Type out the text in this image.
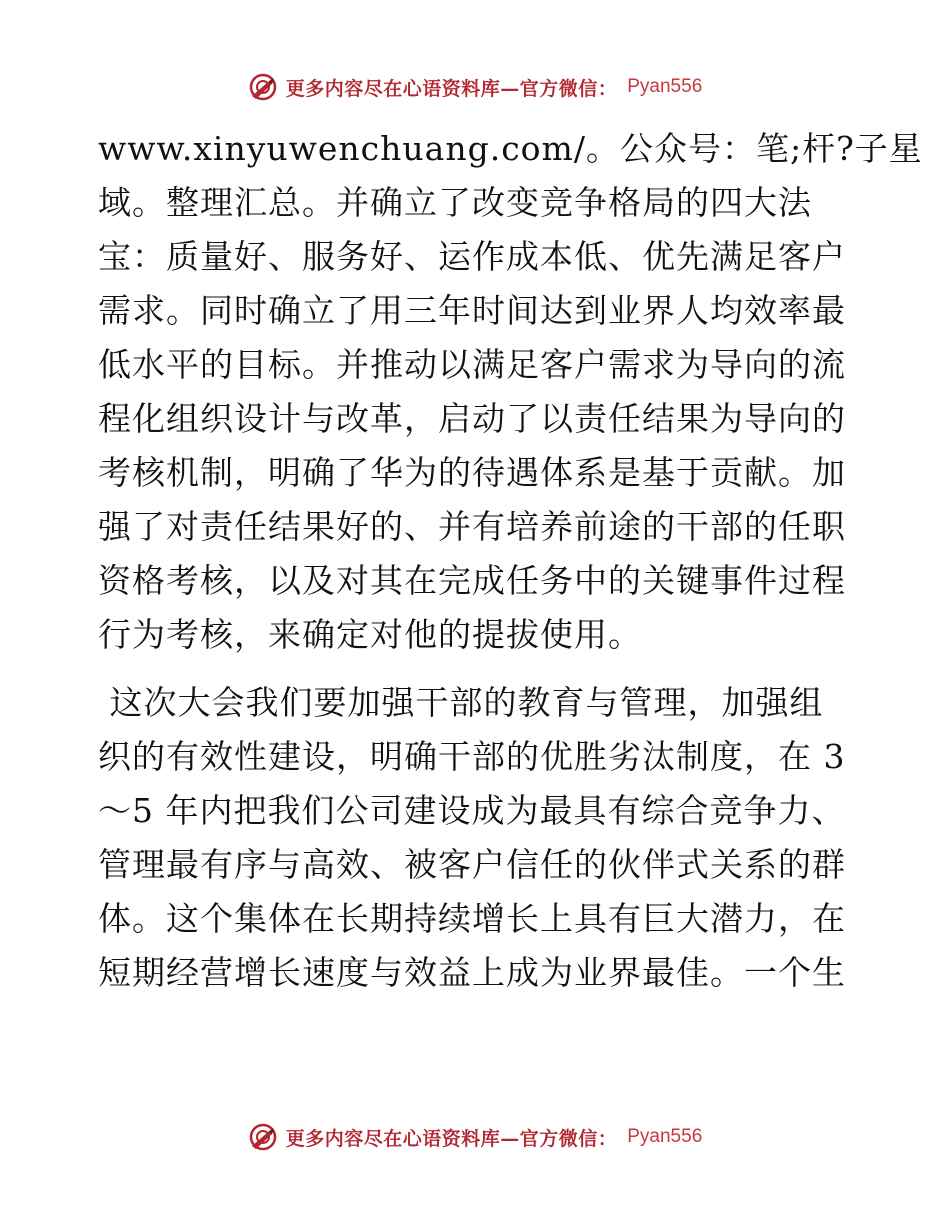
更多内容尽在心语资料库—官方微信： Pyan556
www.xinyuwenchuang.com/。公众号：笔;杆?子星
域。整理汇总。并确立了改变竞争格局的四大法
宝：质量好、服务好、运作成本低、优先满足客户
需求。同时确立了用三年时间达到业界人均效率最
低水平的目标。并推动以满足客户需求为导向的流
程化组织设计与改革，启动了以责任结果为导向的
考核机制，明确了华为的待遇体系是基于贡献。加
强了对责任结果好的、并有培养前途的干部的任职
资格考核，以及对其在完成任务中的关键事件过程
行为考核，来确定对他的提拔使用。
这次大会我们要加强干部的教育与管理，加强组
织的有效性建设，明确干部的优胜劣汰制度，在 3
～5 年内把我们公司建设成为最具有综合竞争力、
管理最有序与高效、被客户信任的伙伴式关系的群
体。这个集体在长期持续增长上具有巨大潜力，在
短期经营增长速度与效益上成为业界最佳。一个生
更多内容尽在心语资料库—官方微信： Pyan556
